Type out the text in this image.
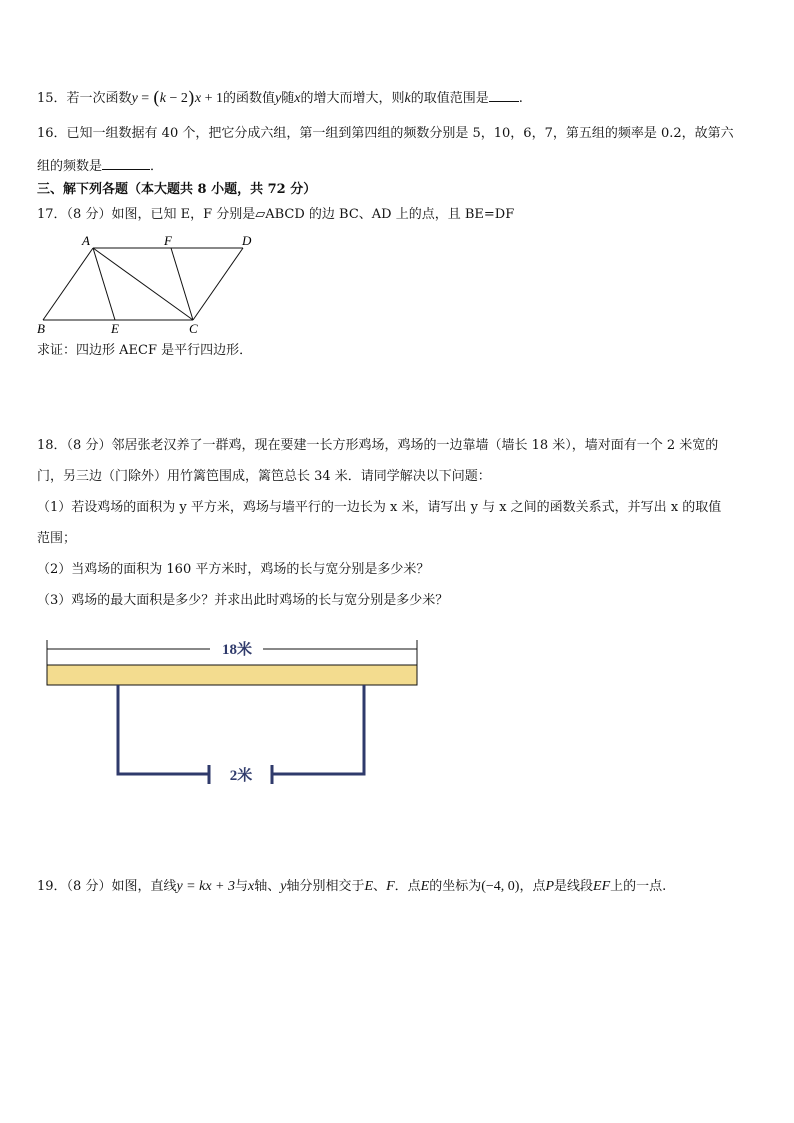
15．若一次函数y = (k − 2)x + 1的函数值y随x的增大而增大，则k的取值范围是 .
16．已知一组数据有 40 个，把它分成六组，第一组到第四组的频数分别是 5，10，6，7，第五组的频率是 0.2，故第六
组的频数是	．
三、解下列各题（本大题共 8 小题，共 72 分）
17．（8 分）如图，已知 E，F 分别是▱ABCD 的边 BC、AD 上的点，且 BE=DF
A	F	D
B	E	C
求证：四边形 AECF 是平行四边形．
18．（8 分）邻居张老汉养了一群鸡，现在要建一长方形鸡场，鸡场的一边靠墙（墙长 18 米），墙对面有一个 2 米宽的
门，另三边（门除外）用竹篱笆围成，篱笆总长 34 米．请同学解决以下问题：
（1）若设鸡场的面积为 y 平方米，鸡场与墙平行的一边长为 x 米，请写出 y 与 x 之间的函数关系式，并写出 x 的取值
范围；
（2）当鸡场的面积为 160 平方米时，鸡场的长与宽分别是多少米？
（3）鸡场的最大面积是多少？并求出此时鸡场的长与宽分别是多少米？
18米
2米
19．（8 分）如图，直线y = kx + 3与x轴、y轴分别相交于E、F．点E的坐标为(−4, 0)，点P是线段EF上的一点.
